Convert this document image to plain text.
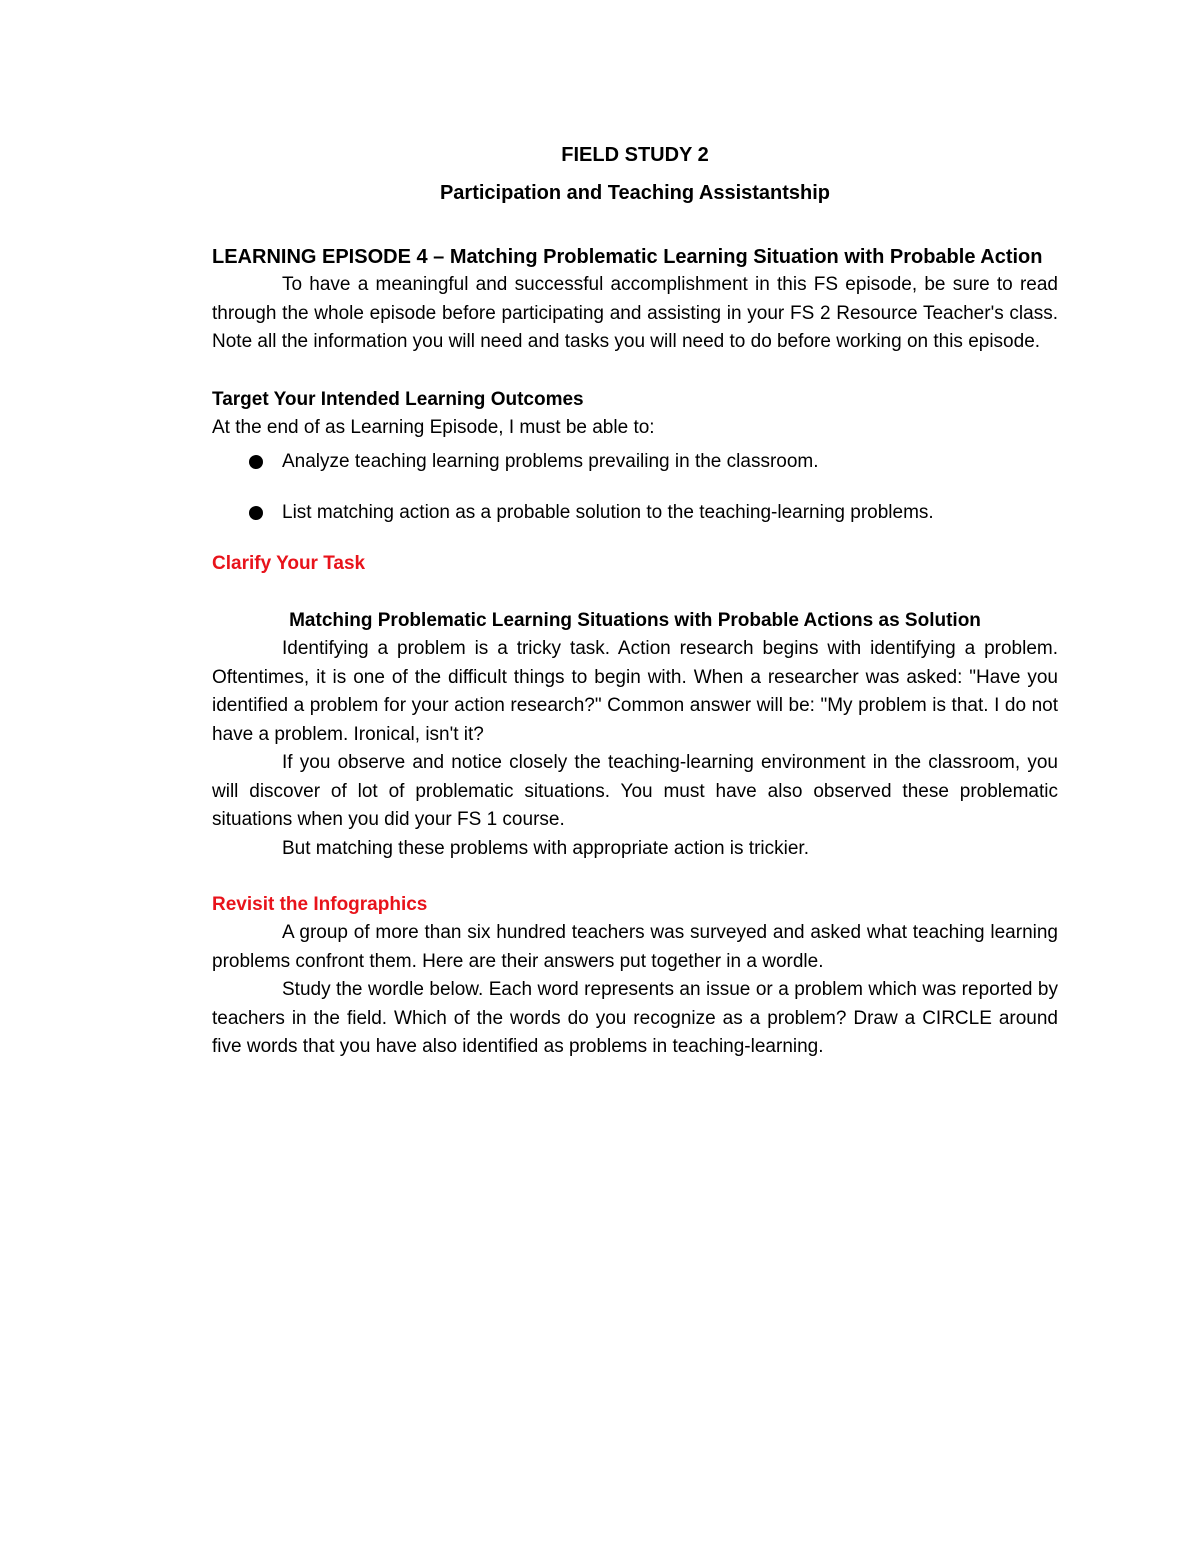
FIELD STUDY 2
Participation and Teaching Assistantship
LEARNING EPISODE 4 – Matching Problematic Learning Situation with Probable Action

To have a meaningful and successful accomplishment in this FS episode, be sure to read through the whole episode before participating and assisting in your FS 2 Resource Teacher's class. Note all the information you will need and tasks you will need to do before working on this episode.

Target Your Intended Learning Outcomes

At the end of as Learning Episode, I must be able to:

Analyze teaching learning problems prevailing in the classroom.
List matching action as a probable solution to the teaching-learning problems.
Clarify Your Task
Matching Problematic Learning Situations with Probable Actions as Solution

Identifying a problem is a tricky task. Action research begins with identifying a problem. Oftentimes, it is one of the difficult things to begin with. When a researcher was asked: "Have you identified a problem for your action research?" Common answer will be: "My problem is that. I do not have a problem. Ironical, isn't it?

If you observe and notice closely the teaching-learning environment in the classroom, you will discover of lot of problematic situations. You must have also observed these problematic situations when you did your FS 1 course.

But matching these problems with appropriate action is trickier.

Revisit the Infographics

A group of more than six hundred teachers was surveyed and asked what teaching learning problems confront them. Here are their answers put together in a wordle.

Study the wordle below. Each word represents an issue or a problem which was reported by teachers in the field. Which of the words do you recognize as a problem? Draw a CIRCLE around five words that you have also identified as problems in teaching-learning.
